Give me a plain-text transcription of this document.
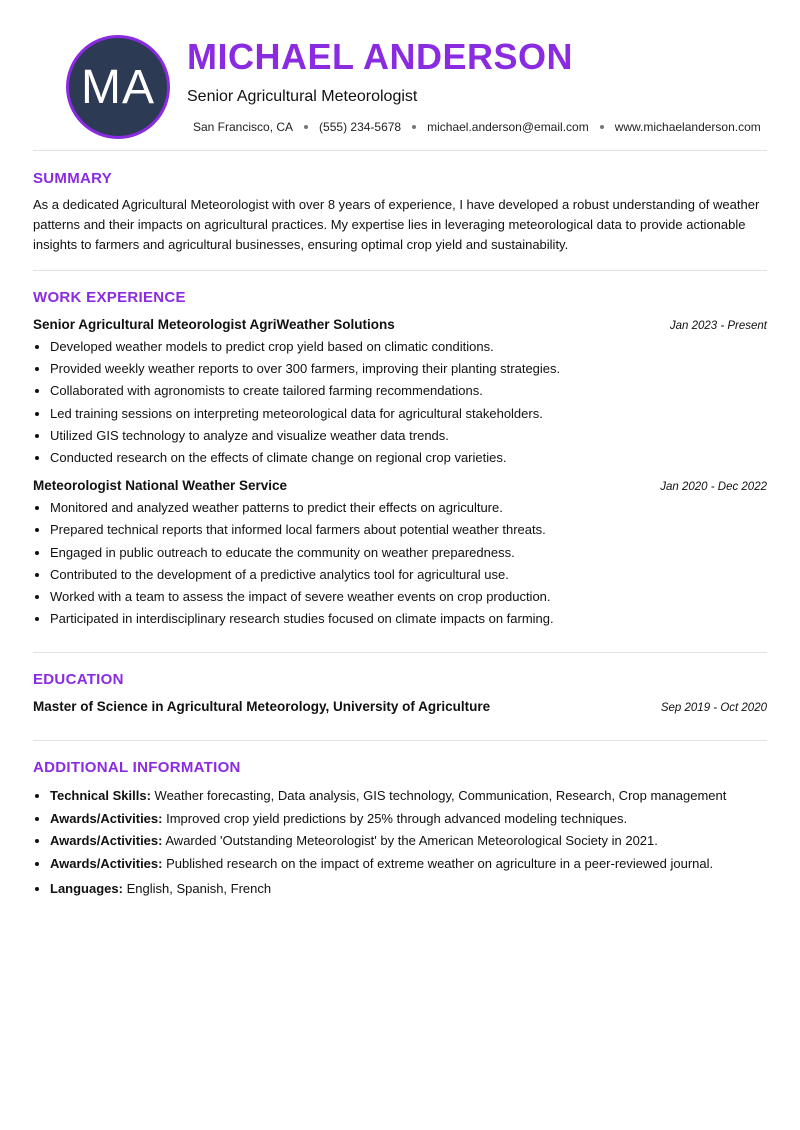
MA
MICHAEL ANDERSON
Senior Agricultural Meteorologist
San Francisco, CA (555) 234-5678 michael.anderson@email.com www.michaelanderson.com
SUMMARY

As a dedicated Agricultural Meteorologist with over 8 years of experience, I have developed a robust understanding of weather patterns and their impacts on agricultural practices. My expertise lies in leveraging meteorological data to provide actionable insights to farmers and agricultural businesses, ensuring optimal crop yield and sustainability.

WORK EXPERIENCE
Senior Agricultural Meteorologist AgriWeather Solutions	Jan 2023 - Present
• Developed weather models to predict crop yield based on climatic conditions.
• Provided weekly weather reports to over 300 farmers, improving their planting strategies.
• Collaborated with agronomists to create tailored farming recommendations.
• Led training sessions on interpreting meteorological data for agricultural stakeholders.
• Utilized GIS technology to analyze and visualize weather data trends.
• Conducted research on the effects of climate change on regional crop varieties.
Meteorologist National Weather Service	Jan 2020 - Dec 2022
• Monitored and analyzed weather patterns to predict their effects on agriculture.
• Prepared technical reports that informed local farmers about potential weather threats.
• Engaged in public outreach to educate the community on weather preparedness.
• Contributed to the development of a predictive analytics tool for agricultural use.
• Worked with a team to assess the impact of severe weather events on crop production.
• Participated in interdisciplinary research studies focused on climate impacts on farming.
EDUCATION
Master of Science in Agricultural Meteorology, University of Agriculture	Sep 2019 - Oct 2020
ADDITIONAL INFORMATION
• Technical Skills: Weather forecasting, Data analysis, GIS technology, Communication, Research, Crop management
• Awards/Activities: Improved crop yield predictions by 25% through advanced modeling techniques.
• Awards/Activities: Awarded 'Outstanding Meteorologist' by the American Meteorological Society in 2021.
• Awards/Activities: Published research on the impact of extreme weather on agriculture in a peer-reviewed journal.
• Languages: English, Spanish, French
